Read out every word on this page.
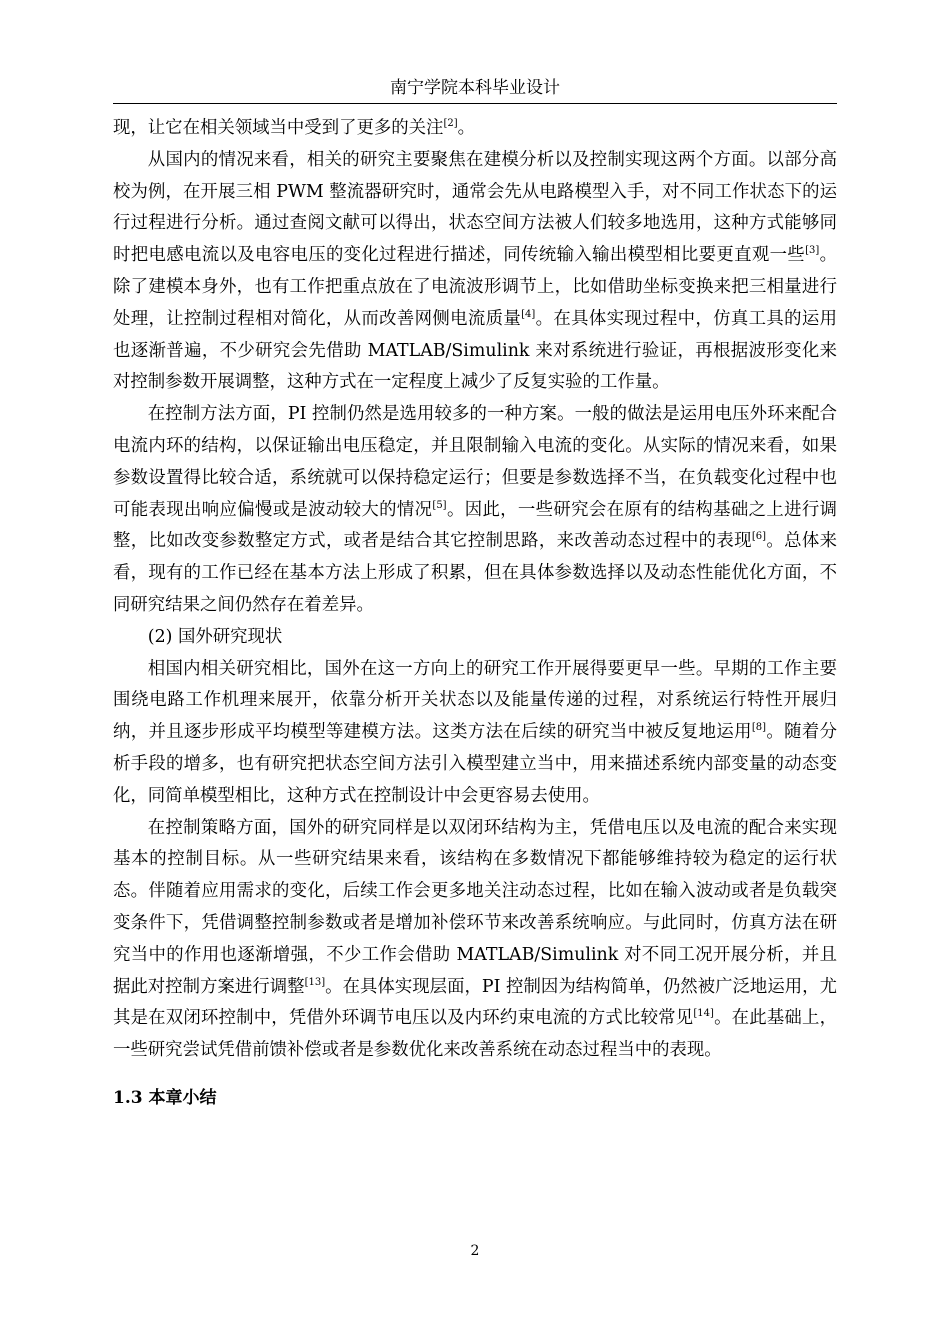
南宁学院本科毕业设计

现，让它在相关领域当中受到了更多的关注[2]。

从国内的情况来看，相关的研究主要聚焦在建模分析以及控制实现这两个方面。以部分高校为例，在开展三相 PWM 整流器研究时，通常会先从电路模型入手，对不同工作状态下的运行过程进行分析。通过查阅文献可以得出，状态空间方法被人们较多地选用，这种方式能够同时把电感电流以及电容电压的变化过程进行描述，同传统输入输出模型相比要更直观一些[3]。除了建模本身外，也有工作把重点放在了电流波形调节上，比如借助坐标变换来把三相量进行处理，让控制过程相对简化，从而改善网侧电流质量[4]。在具体实现过程中，仿真工具的运用也逐渐普遍，不少研究会先借助 MATLAB/Simulink 来对系统进行验证，再根据波形变化来对控制参数开展调整，这种方式在一定程度上减少了反复实验的工作量。

在控制方法方面，PI 控制仍然是选用较多的一种方案。一般的做法是运用电压外环来配合电流内环的结构，以保证输出电压稳定，并且限制输入电流的变化。从实际的情况来看，如果参数设置得比较合适，系统就可以保持稳定运行；但要是参数选择不当，在负载变化过程中也可能表现出响应偏慢或是波动较大的情况[5]。因此，一些研究会在原有的结构基础之上进行调整，比如改变参数整定方式，或者是结合其它控制思路，来改善动态过程中的表现[6]。总体来看，现有的工作已经在基本方法上形成了积累，但在具体参数选择以及动态性能优化方面，不同研究结果之间仍然存在着差异。

(2) 国外研究现状

相国内相关研究相比，国外在这一方向上的研究工作开展得要更早一些。早期的工作主要围绕电路工作机理来展开，依靠分析开关状态以及能量传递的过程，对系统运行特性开展归纳，并且逐步形成平均模型等建模方法。这类方法在后续的研究当中被反复地运用[8]。随着分析手段的增多，也有研究把状态空间方法引入模型建立当中，用来描述系统内部变量的动态变化，同简单模型相比，这种方式在控制设计中会更容易去使用。

在控制策略方面，国外的研究同样是以双闭环结构为主，凭借电压以及电流的配合来实现基本的控制目标。从一些研究结果来看，该结构在多数情况下都能够维持较为稳定的运行状态。伴随着应用需求的变化，后续工作会更多地关注动态过程，比如在输入波动或者是负载突变条件下，凭借调整控制参数或者是增加补偿环节来改善系统响应。与此同时，仿真方法在研究当中的作用也逐渐增强，不少工作会借助 MATLAB/Simulink 对不同工况开展分析，并且据此对控制方案进行调整[13]。在具体实现层面，PI 控制因为结构简单，仍然被广泛地运用，尤其是在双闭环控制中，凭借外环调节电压以及内环约束电流的方式比较常见[14]。在此基础上，一些研究尝试凭借前馈补偿或者是参数优化来改善系统在动态过程当中的表现。

1.3 本章小结

2
